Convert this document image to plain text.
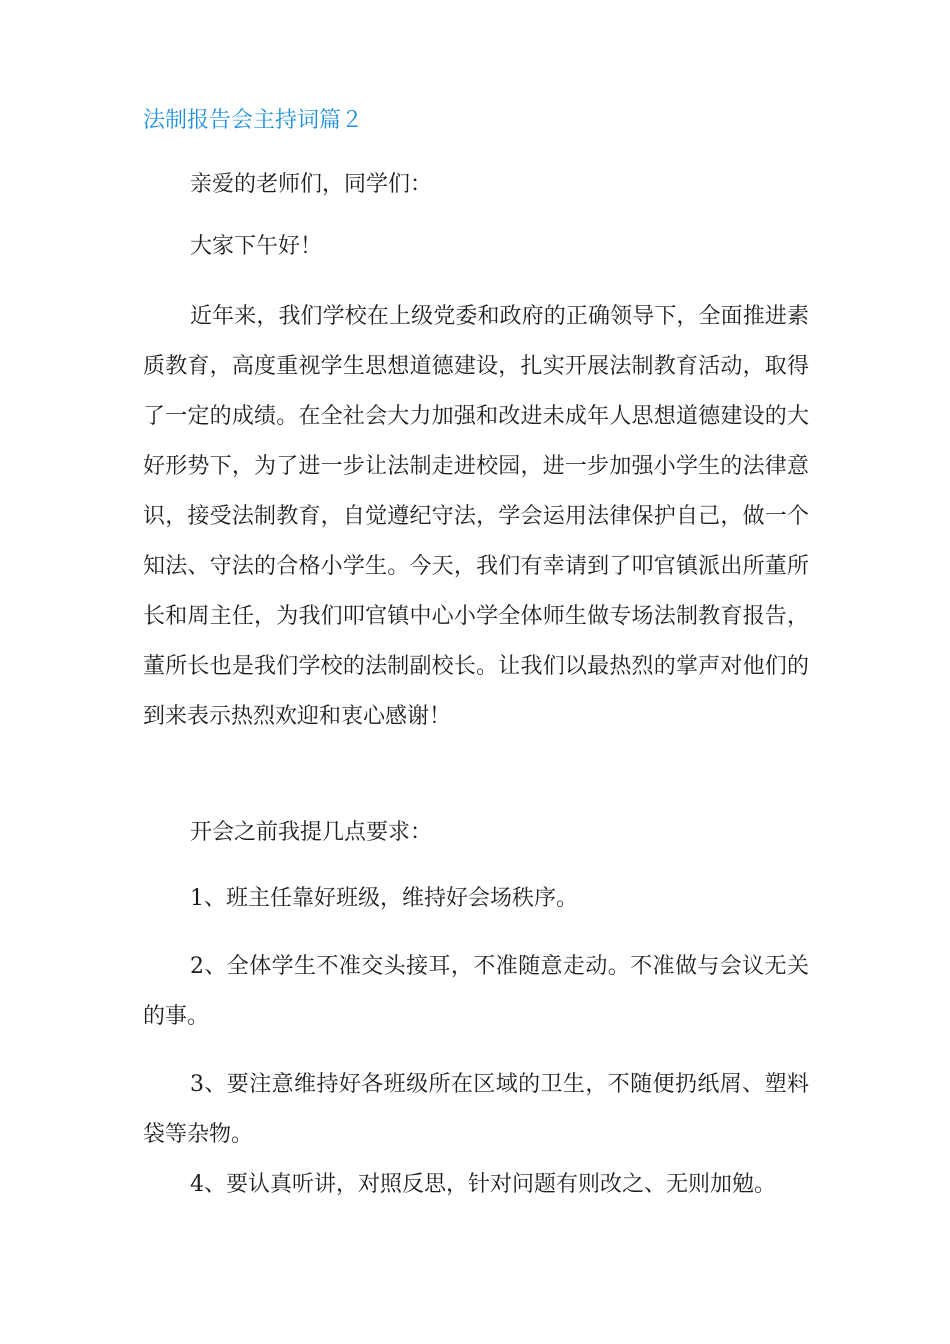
法制报告会主持词篇２

亲爱的老师们，同学们：

大家下午好！

近年来，我们学校在上级党委和政府的正确领导下，全面推进素质教育，高度重视学生思想道德建设，扎实开展法制教育活动，取得了一定的成绩。在全社会大力加强和改进未成年人思想道德建设的大好形势下，为了进一步让法制走进校园，进一步加强小学生的法律意识，接受法制教育，自觉遵纪守法，学会运用法律保护自己，做一个知法、守法的合格小学生。今天，我们有幸请到了叩官镇派出所董所长和周主任，为我们叩官镇中心小学全体师生做专场法制教育报告，董所长也是我们学校的法制副校长。让我们以最热烈的掌声对他们的到来表示热烈欢迎和衷心感谢！

开会之前我提几点要求：

1、班主任靠好班级，维持好会场秩序。

2、全体学生不准交头接耳，不准随意走动。不准做与会议无关的事。

3、要注意维持好各班级所在区域的卫生，不随便扔纸屑、塑料袋等杂物。

4、要认真听讲，对照反思，针对问题有则改之、无则加勉。
